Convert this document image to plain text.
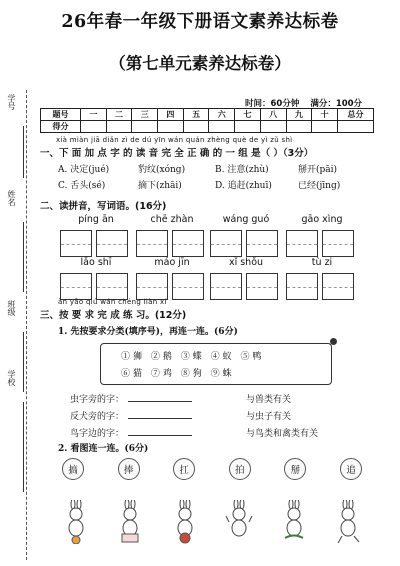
26年春一年级下册语文素养达标卷
（第七单元素养达标卷）
学号
姓名
班级
学校
时间：60分钟 满分：100分
题号	一	二	三	四	五	六	七	八	九	十	总分
得分											
xià miàn jiā diǎn zì de dú yīn wán quán zhèng què de yì zǔ shì
一、下 面 加 点 字 的 读 音 完 全 正 确 的 一 组 是（ ）（3分）
A. 决定(jué)	豹纹(xóng)	B. 注意(zhù)	掰开(pāi)
C. 舌头(sé)	摘下(zhāi)	D. 追赶(zhuī)	已经(jīng)
二、读拼音，写词语。(16分)
píng ān	chē zhàn	wáng guó	gāo xìng
lǎo shī	máo jīn	xǐ shǒu	tù zi
àn yāo qiú wán chéng liàn xí
三、按 要 求 完 成 练 习。(12分)
1. 先按要求分类(填序号)，再连一连。(6分)
①狮 ②鹅 ③蝶 ④蚁 ⑤鸭
⑥猫 ⑦鸡 ⑧狗 ⑨蛛
虫字旁的字：
反犬旁的字：
鸟字边的字：
与兽类有关
与虫子有关
与鸟类和禽类有关
2. 看图连一连。(6分)
搞	捧	扛	拍	掰	追
